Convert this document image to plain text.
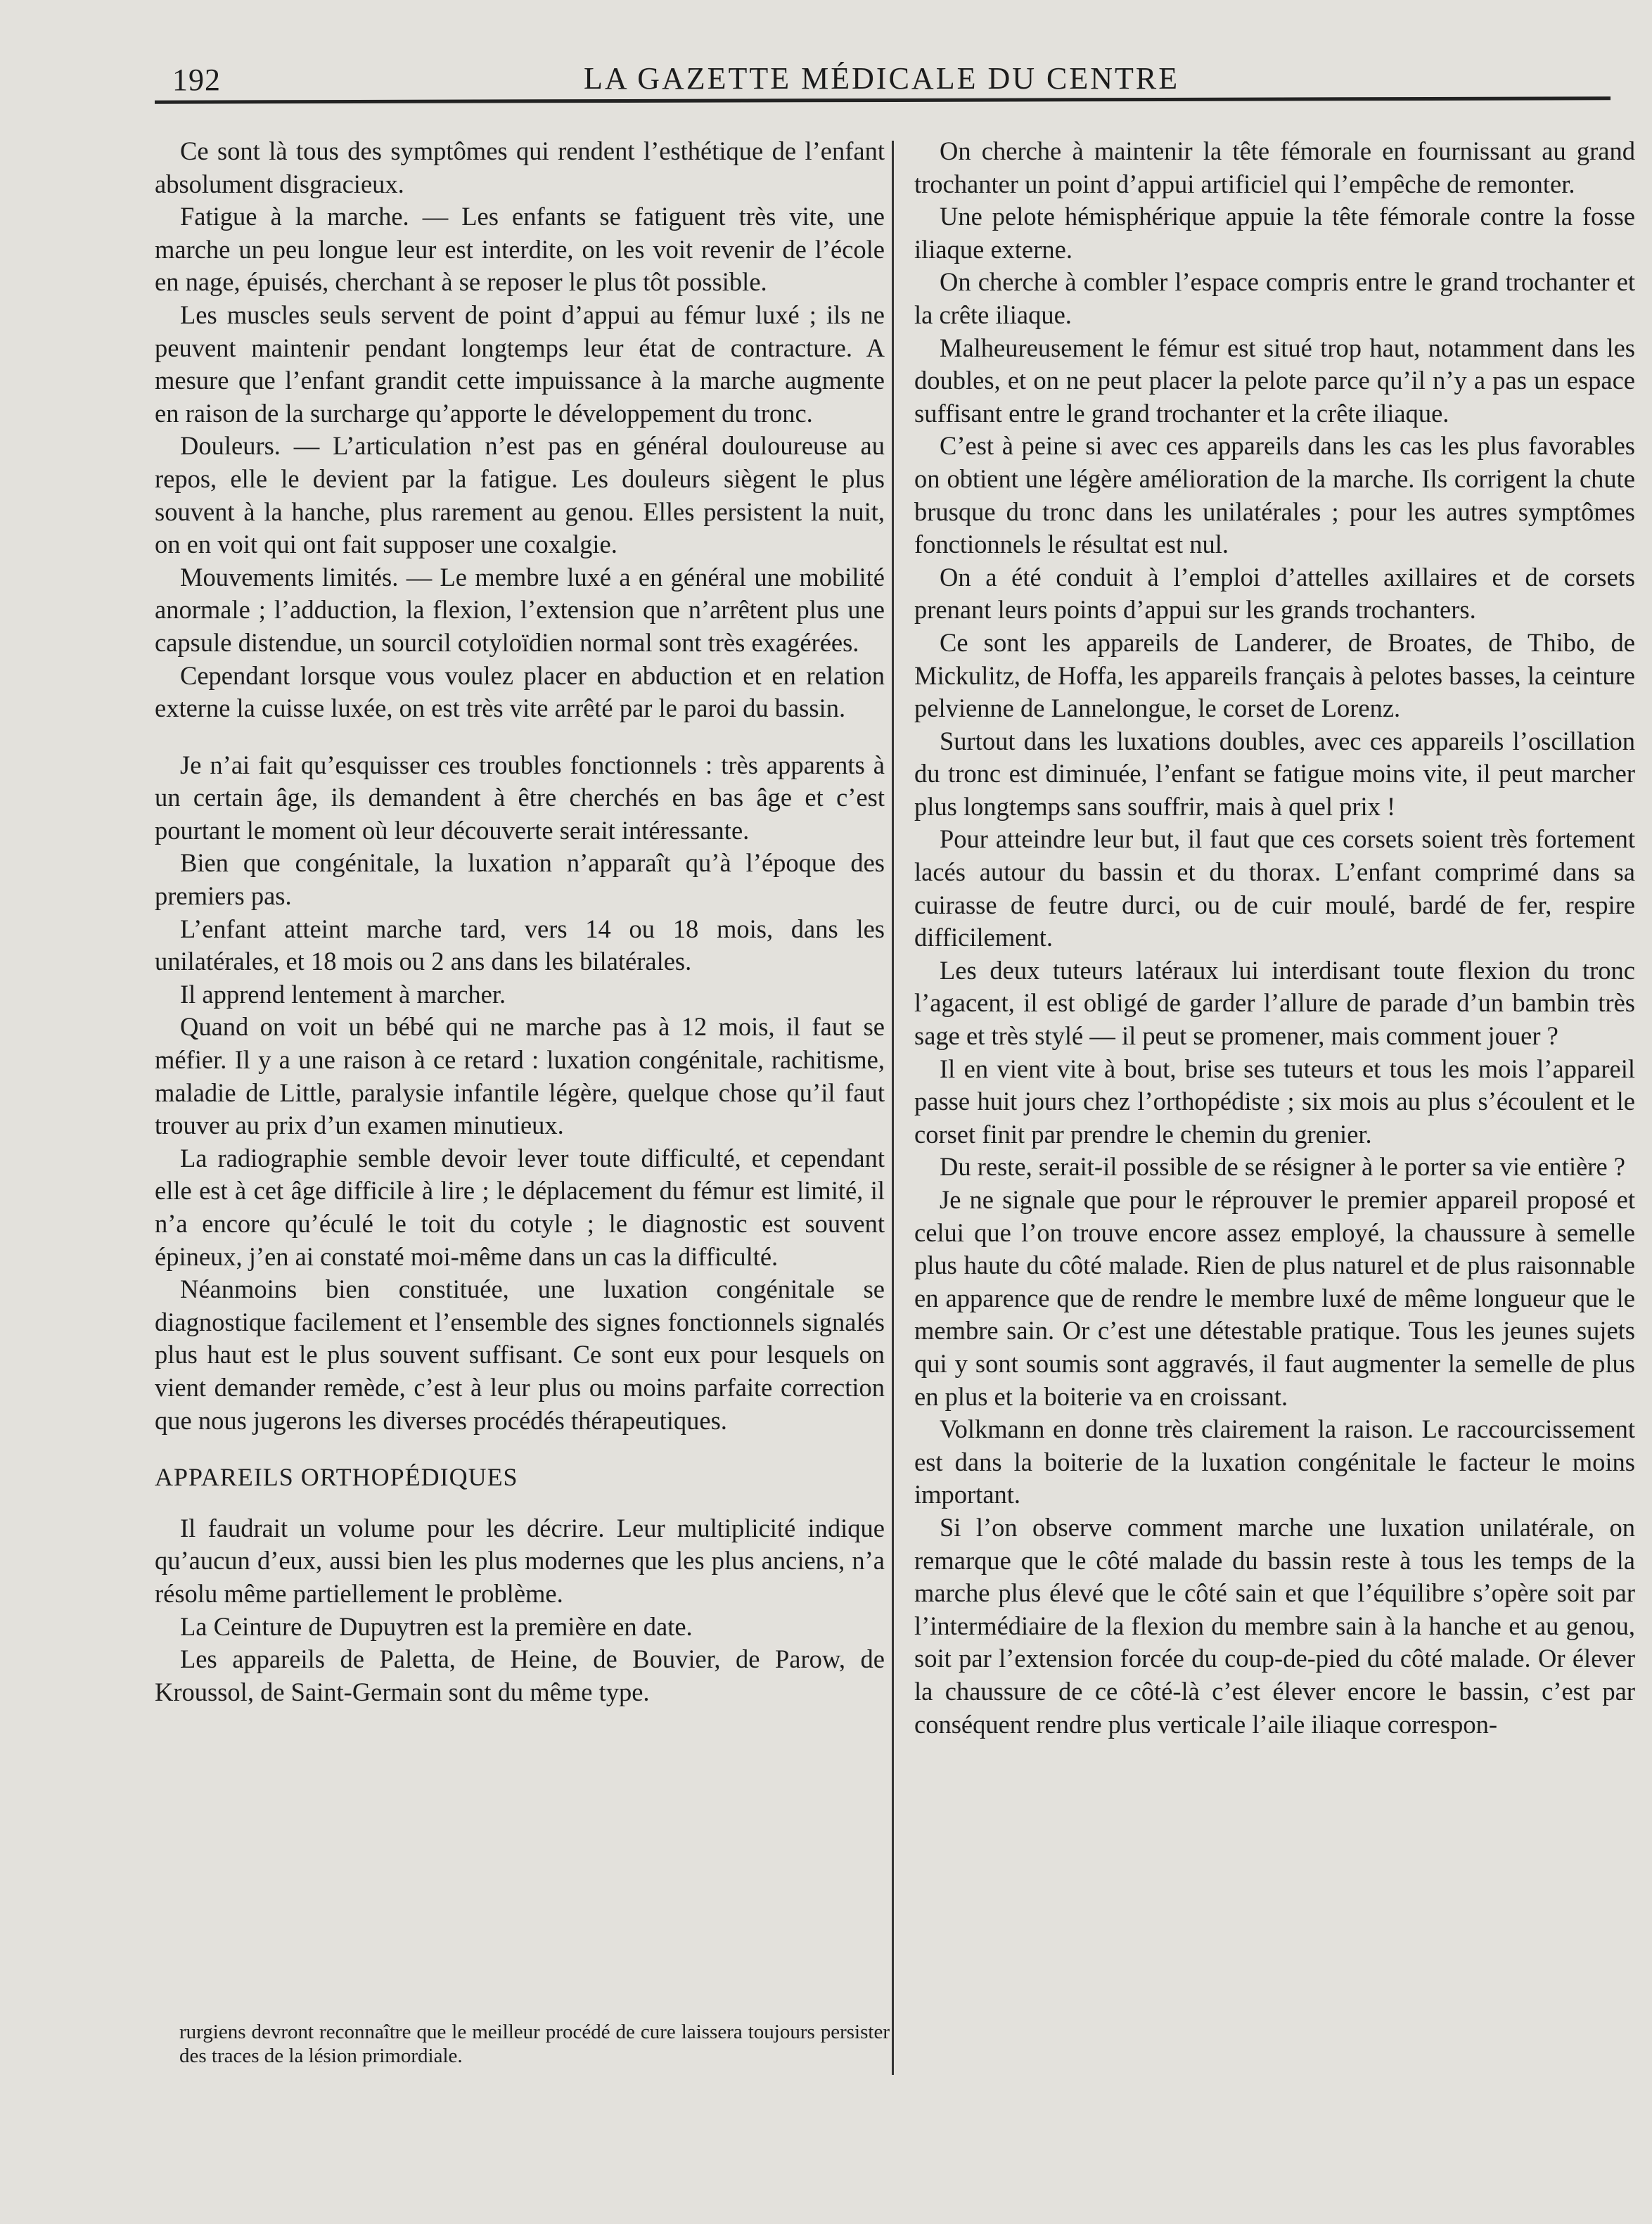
192	LA GAZETTE MÉDICALE DU CENTRE

Ce sont là tous des symptômes qui rendent l’esthétique de l’enfant absolument disgracieux.

Fatigue à la marche. — Les enfants se fatiguent très vite, une marche un peu longue leur est interdite, on les voit revenir de l’école en nage, épuisés, cherchant à se reposer le plus tôt possible.

Les muscles seuls servent de point d’appui au fémur luxé ; ils ne peuvent maintenir pendant longtemps leur état de contracture. A mesure que l’enfant grandit cette impuissance à la marche augmente en raison de la surcharge qu’apporte le développement du tronc.

Douleurs. — L’articulation n’est pas en général douloureuse au repos, elle le devient par la fatigue. Les douleurs siègent le plus souvent à la hanche, plus rarement au genou. Elles persistent la nuit, on en voit qui ont fait supposer une coxalgie.

Mouvements limités. — Le membre luxé a en général une mobilité anormale ; l’adduction, la flexion, l’extension que n’arrêtent plus une capsule distendue, un sourcil cotyloïdien normal sont très exagérées.

Cependant lorsque vous voulez placer en abduction et en relation externe la cuisse luxée, on est très vite arrêté par le paroi du bassin.

Je n’ai fait qu’esquisser ces troubles fonctionnels : très apparents à un certain âge, ils demandent à être cherchés en bas âge et c’est pourtant le moment où leur découverte serait intéressante.

Bien que congénitale, la luxation n’apparaît qu’à l’époque des premiers pas.

L’enfant atteint marche tard, vers 14 ou 18 mois, dans les unilatérales, et 18 mois ou 2 ans dans les bilatérales.

Il apprend lentement à marcher.

Quand on voit un bébé qui ne marche pas à 12 mois, il faut se méfier. Il y a une raison à ce retard : luxation congénitale, rachitisme, maladie de Little, paralysie infantile légère, quelque chose qu’il faut trouver au prix d’un examen minutieux.

La radiographie semble devoir lever toute difficulté, et cependant elle est à cet âge difficile à lire ; le déplacement du fémur est limité, il n’a encore qu’éculé le toit du cotyle ; le diagnostic est souvent épineux, j’en ai constaté moi-même dans un cas la difficulté.

Néanmoins bien constituée, une luxation congénitale se diagnostique facilement et l’ensemble des signes fonctionnels signalés plus haut est le plus souvent suffisant. Ce sont eux pour lesquels on vient demander remède, c’est à leur plus ou moins parfaite correction que nous jugerons les diverses procédés thérapeutiques.

APPAREILS ORTHOPÉDIQUES

Il faudrait un volume pour les décrire. Leur multiplicité indique qu’aucun d’eux, aussi bien les plus modernes que les plus anciens, n’a résolu même partiellement le problème.

La Ceinture de Dupuytren est la première en date.

Les appareils de Paletta, de Heine, de Bouvier, de Parow, de Kroussol, de Saint-Germain sont du même type.

On cherche à maintenir la tête fémorale en fournissant au grand trochanter un point d’appui artificiel qui l’empêche de remonter.

Une pelote hémisphérique appuie la tête fémorale contre la fosse iliaque externe.

On cherche à combler l’espace compris entre le grand trochanter et la crête iliaque.

Malheureusement le fémur est situé trop haut, notamment dans les doubles, et on ne peut placer la pelote parce qu’il n’y a pas un espace suffisant entre le grand trochanter et la crête iliaque.

C’est à peine si avec ces appareils dans les cas les plus favorables on obtient une légère amélioration de la marche. Ils corrigent la chute brusque du tronc dans les unilatérales ; pour les autres symptômes fonctionnels le résultat est nul.

On a été conduit à l’emploi d’attelles axillaires et de corsets prenant leurs points d’appui sur les grands trochanters.

Ce sont les appareils de Landerer, de Broates, de Thibo, de Mickulitz, de Hoffa, les appareils français à pelotes basses, la ceinture pelvienne de Lannelongue, le corset de Lorenz.

Surtout dans les luxations doubles, avec ces appareils l’oscillation du tronc est diminuée, l’enfant se fatigue moins vite, il peut marcher plus longtemps sans souffrir, mais à quel prix !

Pour atteindre leur but, il faut que ces corsets soient très fortement lacés autour du bassin et du thorax. L’enfant comprimé dans sa cuirasse de feutre durci, ou de cuir moulé, bardé de fer, respire difficilement.

Les deux tuteurs latéraux lui interdisant toute flexion du tronc l’agacent, il est obligé de garder l’allure de parade d’un bambin très sage et très stylé — il peut se promener, mais comment jouer ?

Il en vient vite à bout, brise ses tuteurs et tous les mois l’appareil passe huit jours chez l’orthopédiste ; six mois au plus s’écoulent et le corset finit par prendre le chemin du grenier.

Du reste, serait-il possible de se résigner à le porter sa vie entière ?

Je ne signale que pour le réprouver le premier appareil proposé et celui que l’on trouve encore assez employé, la chaussure à semelle plus haute du côté malade. Rien de plus naturel et de plus raisonnable en apparence que de rendre le membre luxé de même longueur que le membre sain. Or c’est une détestable pratique. Tous les jeunes sujets qui y sont soumis sont aggravés, il faut augmenter la semelle de plus en plus et la boiterie va en croissant.

Volkmann en donne très clairement la raison. Le raccourcissement est dans la boiterie de la luxation congénitale le facteur le moins important.

Si l’on observe comment marche une luxation unilatérale, on remarque que le côté malade du bassin reste à tous les temps de la marche plus élevé que le côté sain et que l’équilibre s’opère soit par l’intermédiaire de la flexion du membre sain à la hanche et au genou, soit par l’extension forcée du coup-de-pied du côté malade. Or élever la chaussure de ce côté-là c’est élever encore le bassin, c’est par conséquent rendre plus verticale l’aile iliaque correspon-

rurgiens devront reconnaître que le meilleur procédé de cure laissera toujours persister des traces de la lésion primordiale.
